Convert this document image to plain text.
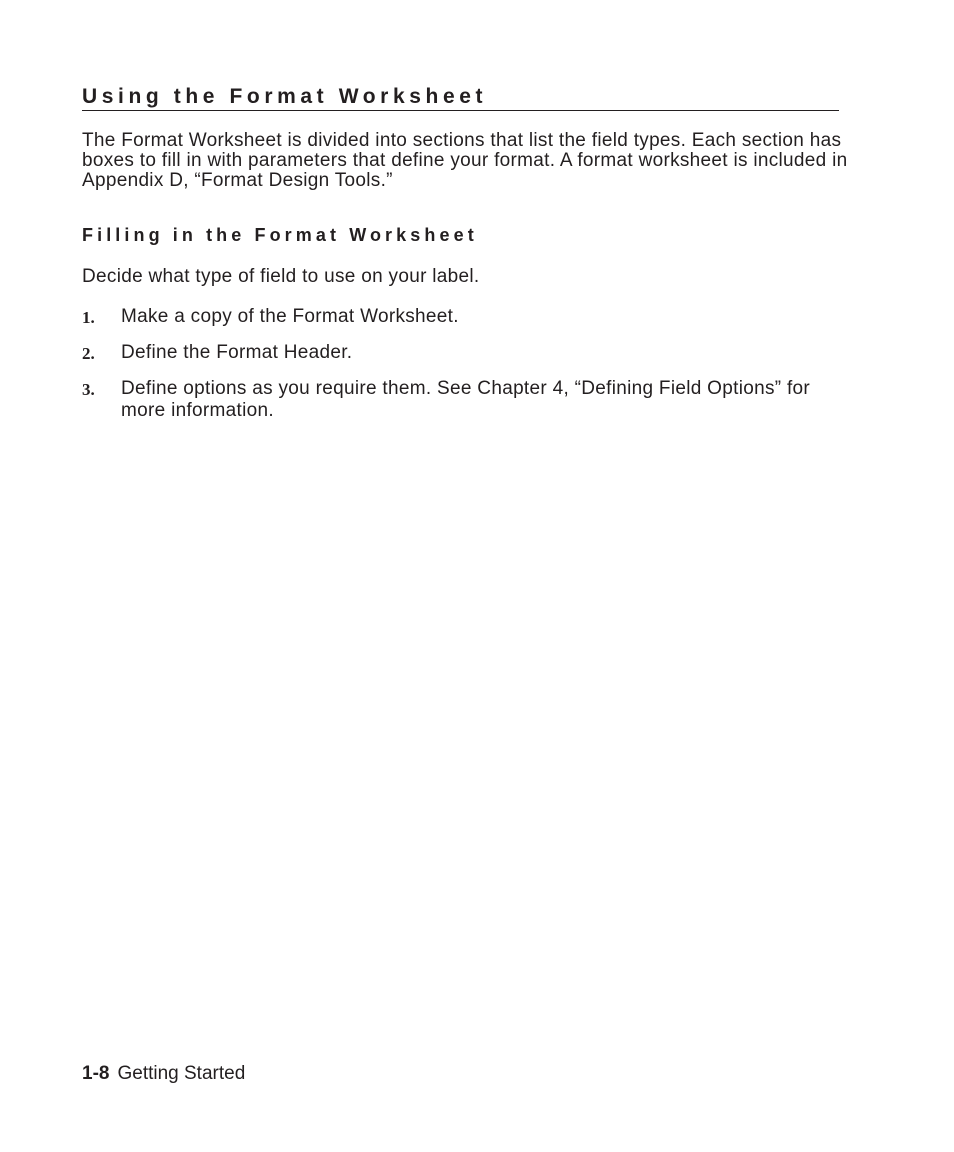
Using the Format Worksheet

The Format Worksheet is divided into sections that list the field types. Each section has boxes to fill in with parameters that define your format. A format worksheet is included in Appendix D, “Format Design Tools.”

Filling in the Format Worksheet

Decide what type of field to use on your label.

1. Make a copy of the Format Worksheet.
2. Define the Format Header.
3. Define options as you require them. See Chapter 4, “Defining Field Options” for more information.
1-8 Getting Started
